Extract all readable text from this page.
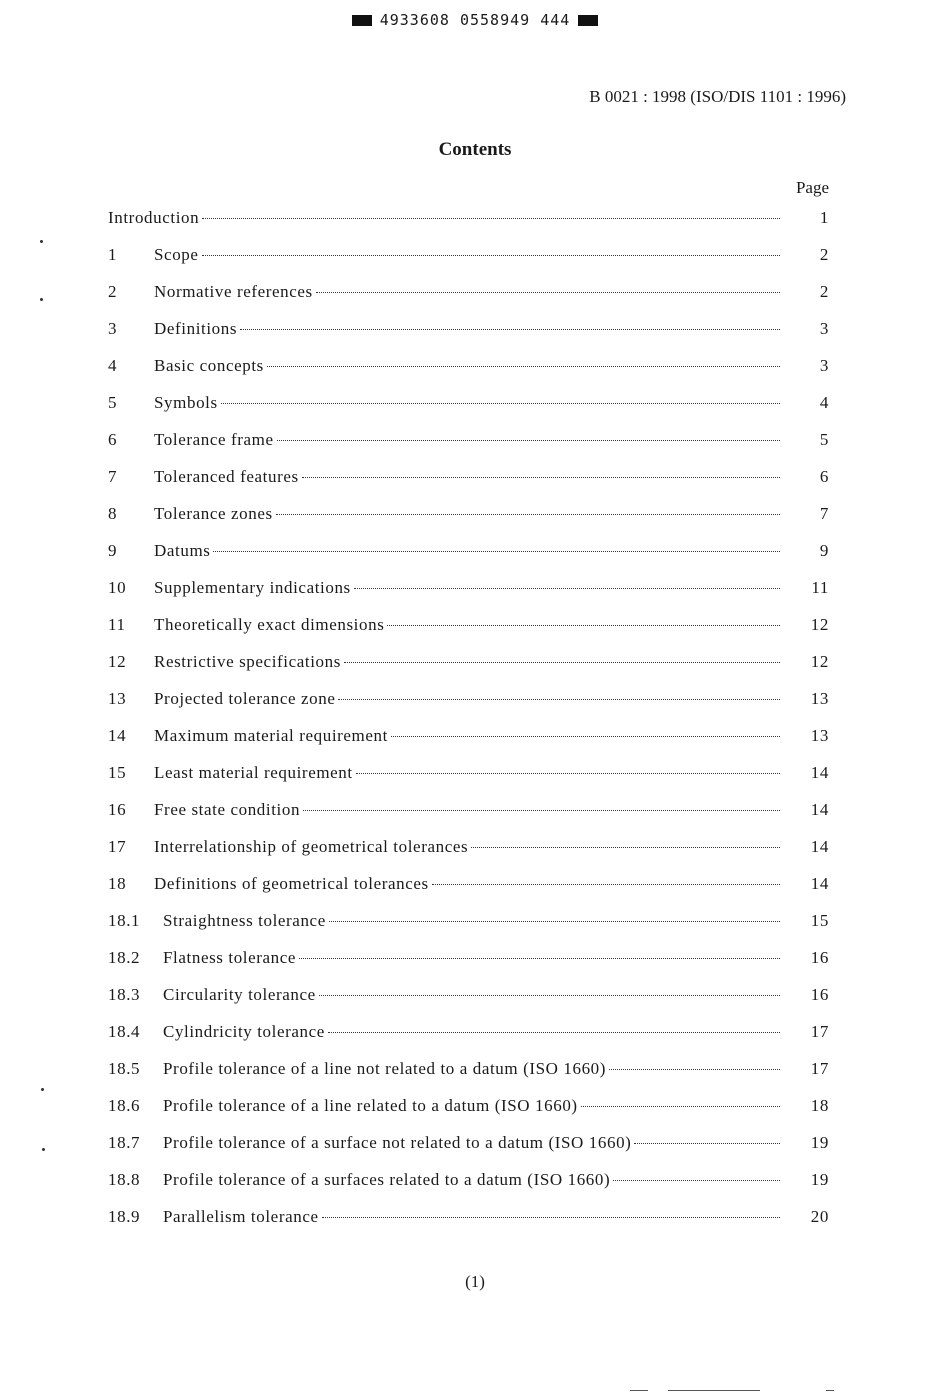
4933608 0558949 444
B 0021 : 1998 (ISO/DIS 1101 : 1996)
Contents
Page
Introduction	1
1 Scope	2
2 Normative references	2
3 Definitions	3
4 Basic concepts	3
5 Symbols	4
6 Tolerance frame	5
7 Toleranced features	6
8 Tolerance zones	7
9 Datums	9
10 Supplementary indications	11
11 Theoretically exact dimensions	12
12 Restrictive specifications	12
13 Projected tolerance zone	13
14 Maximum material requirement	13
15 Least material requirement	14
16 Free state condition	14
17 Interrelationship of geometrical tolerances	14
18 Definitions of geometrical tolerances	14
18.1 Straightness tolerance	15
18.2 Flatness tolerance	16
18.3 Circularity tolerance	16
18.4 Cylindricity tolerance	17
18.5 Profile tolerance of a line not related to a datum (ISO 1660)	17
18.6 Profile tolerance of a line related to a datum (ISO 1660)	18
18.7 Profile tolerance of a surface not related to a datum (ISO 1660)	19
18.8 Profile tolerance of a surfaces related to a datum (ISO 1660)	19
18.9 Parallelism tolerance	20
(1)
